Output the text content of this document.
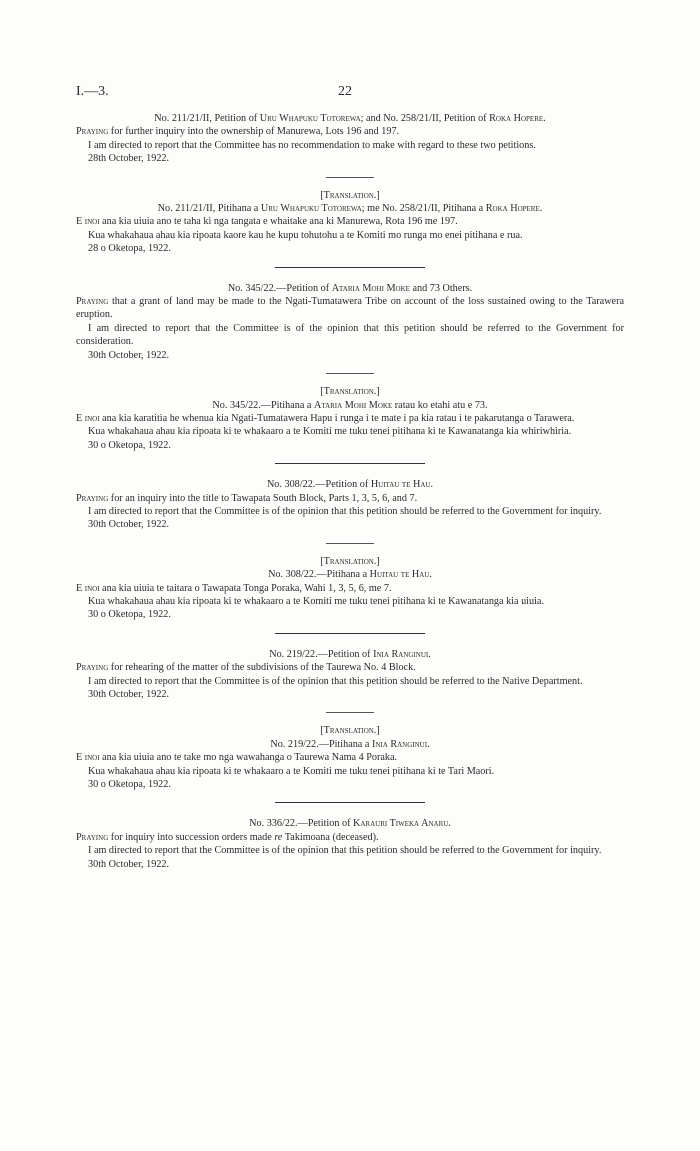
I.—3.	22

No. 211/21/II, Petition of Uru Whapuku Totorewa; and No. 258/21/II, Petition of Roka Hopere.

Praying for further inquiry into the ownership of Manurewa, Lots 196 and 197.

I am directed to report that the Committee has no recommendation to make with regard to these two petitions.

28th October, 1922.

[Translation.]

No. 211/21/II, Pitihana a Uru Whapuku Totorewa; me No. 258/21/II, Pitihana a Roka Hopere.

E inoi ana kia uiuia ano te taha ki nga tangata e whaitake ana ki Manurewa, Rota 196 me 197.

Kua whakahaua ahau kia ripoata kaore kau he kupu tohutohu a te Komiti mo runga mo enei pitihana e rua.

28 o Oketopa, 1922.

No. 345/22.—Petition of Ataria Mohi Moke and 73 Others.

Praying that a grant of land may be made to the Ngati-Tumatawera Tribe on account of the loss sustained owing to the Tarawera eruption.

I am directed to report that the Committee is of the opinion that this petition should be referred to the Government for consideration.

30th October, 1922.

[Translation.]

No. 345/22.—Pitihana a Ataria Mohi Moke ratau ko etahi atu e 73.

E inoi ana kia karatitia he whenua kia Ngati-Tumatawera Hapu i runga i te mate i pa kia ratau i te pakarutanga o Tarawera.

Kua whakahaua ahau kia ripoata ki te whakaaro a te Komiti me tuku tenei pitihana ki te Kawanatanga kia whiriwhiria.

30 o Oketopa, 1922.

No. 308/22.—Petition of Huitau te Hau.

Praying for an inquiry into the title to Tawapata South Block, Parts 1, 3, 5, 6, and 7.

I am directed to report that the Committee is of the opinion that this petition should be referred to the Government for inquiry.

30th October, 1922.

[Translation.]

No. 308/22.—Pitihana a Huitau te Hau.

E inoi ana kia uiuia te taitara o Tawapata Tonga Poraka, Wahi 1, 3, 5, 6, me 7.

Kua whakahaua ahau kia ripoata ki te whakaaro a te Komiti me tuku tenei pitihana ki te Kawanatanga kia uiuia.

30 o Oketopa, 1922.

No. 219/22.—Petition of Inia Ranginui.

Praying for rehearing of the matter of the subdivisions of the Taurewa No. 4 Block.

I am directed to report that the Committee is of the opinion that this petition should be referred to the Native Department.

30th October, 1922.

[Translation.]

No. 219/22.—Pitihana a Inia Ranginui.

E inoi ana kia uiuia ano te take mo nga wawahanga o Taurewa Nama 4 Poraka.

Kua whakahaua ahau kia ripoata ki te whakaaro a te Komiti me tuku tenei pitihana ki te Tari Maori.

30 o Oketopa, 1922.

No. 336/22.—Petition of Karauri Tiweka Anaru.

Praying for inquiry into succession orders made re Takimoana (deceased).

I am directed to report that the Committee is of the opinion that this petition should be referred to the Government for inquiry.

30th October, 1922.
